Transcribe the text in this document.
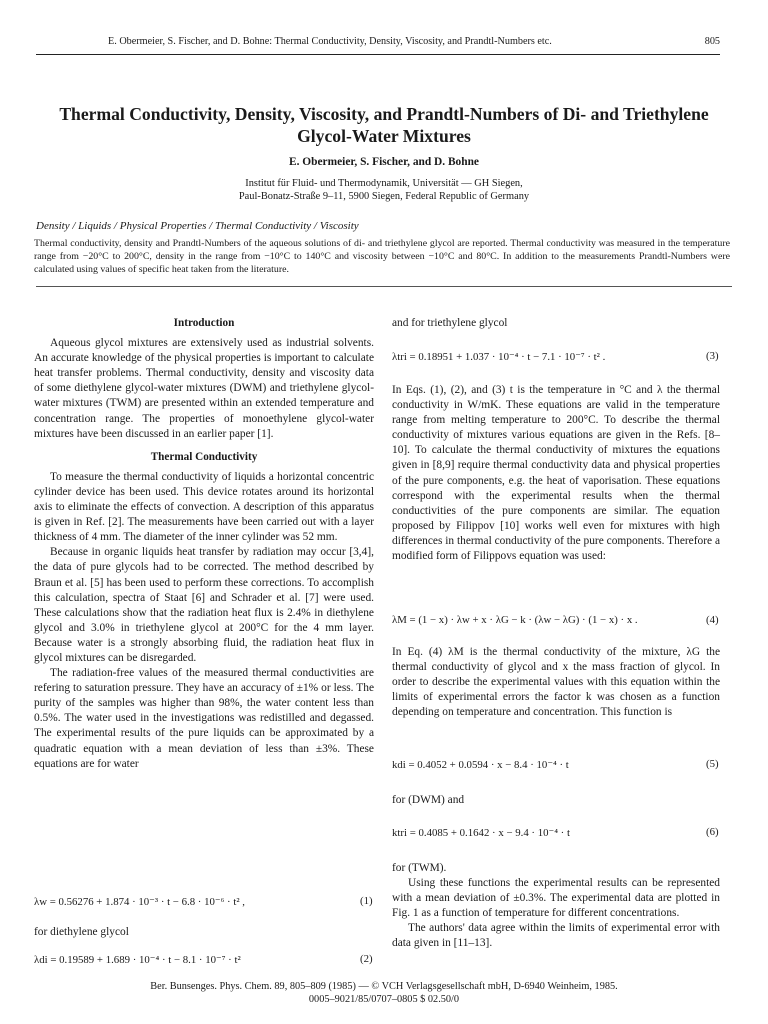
E. Obermeier, S. Fischer, and D. Bohne: Thermal Conductivity, Density, Viscosity, and Prandtl-Numbers etc.	805
Thermal Conductivity, Density, Viscosity, and Prandtl-Numbers of Di- and Triethylene Glycol-Water Mixtures
E. Obermeier, S. Fischer, and D. Bohne
Institut für Fluid- und Thermodynamik, Universität — GH Siegen,
Paul-Bonatz-Straße 9–11, 5900 Siegen, Federal Republic of Germany
Density / Liquids / Physical Properties / Thermal Conductivity / Viscosity
Thermal conductivity, density and Prandtl-Numbers of the aqueous solutions of di- and triethylene glycol are reported. Thermal conductivity was measured in the temperature range from −20°C to 200°C, density in the range from −10°C to 140°C and viscosity between −10°C and 80°C. In addition to the measurements Prandtl-Numbers were calculated using values of specific heat taken from the literature.
Introduction

Aqueous glycol mixtures are extensively used as industrial solvents. An accurate knowledge of the physical properties is important to calculate heat transfer problems. Thermal conductivity, density and viscosity data of some diethylene glycol-water mixtures (DWM) and triethylene glycol-water mixtures (TWM) are presented within an extended temperature and concentration range. The properties of monoethylene glycol-water mixtures have been discussed in an earlier paper [1].

Thermal Conductivity

To measure the thermal conductivity of liquids a horizontal concentric cylinder device has been used. This device rotates around its horizontal axis to eliminate the effects of convection. A description of this apparatus is given in Ref. [2]. The measurements have been carried out with a layer thickness of 4 mm. The diameter of the inner cylinder was 52 mm.

Because in organic liquids heat transfer by radiation may occur [3,4], the data of pure glycols had to be corrected. The method described by Braun et al. [5] has been used to perform these corrections. To accomplish this calculation, spectra of Staat [6] and Schrader et al. [7] were used. These calculations show that the radiation heat flux is 2.4% in diethylene glycol and 3.0% in triethylene glycol at 200°C for the 4 mm layer. Because water is a strongly absorbing fluid, the radiation heat flux in glycol mixtures can be disregarded.

The radiation-free values of the measured thermal conductivities are refering to saturation pressure. They have an accuracy of ±1% or less. The purity of the samples was higher than 98%, the water content less than 0.5%. The water used in the investigations was redistilled and degassed. The experimental results of the pure liquids can be approximated by a quadratic equation with a mean deviation of less than ±3%. These equations are for water

λw = 0.56276 + 1.874 · 10⁻³ · t − 6.8 · 10⁻⁶ · t² ,	(1)
for diethylene glycol
λdi = 0.19589 + 1.689 · 10⁻⁴ · t − 8.1 · 10⁻⁷ · t²	(2)
and for triethylene glycol
λtri = 0.18951 + 1.037 · 10⁻⁴ · t − 7.1 · 10⁻⁷ · t² .	(3)

In Eqs. (1), (2), and (3) t is the temperature in °C and λ the thermal conductivity in W/mK. These equations are valid in the temperature range from melting temperature to 200°C. To describe the thermal conductivity of mixtures various equations are given in the Refs. [8–10]. To calculate the thermal conductivity of mixtures the equations given in [8,9] require thermal conductivity data and physical properties of the pure components, e.g. the heat of vaporisation. These equations correspond with the experimental results when the thermal conductivities of the pure components are similar. The equation proposed by Filippov [10] works well even for mixtures with high differences in thermal conductivity of the pure components. Therefore a modified form of Filippovs equation was used:

λM = (1 − x) · λw + x · λG − k · (λw − λG) · (1 − x) · x .	(4)

In Eq. (4) λM is the thermal conductivity of the mixture, λG the thermal conductivity of glycol and x the mass fraction of glycol. In order to describe the experimental values with this equation within the limits of experimental errors the factor k was chosen as a function depending on temperature and concentration. This function is

kdi = 0.4052 + 0.0594 · x − 8.4 · 10⁻⁴ · t	(5)
for (DWM) and
ktri = 0.4085 + 0.1642 · x − 9.4 · 10⁻⁴ · t	(6)

for (TWM).

Using these functions the experimental results can be represented with a mean deviation of ±0.3%. The experimental data are plotted in Fig. 1 as a function of temperature for different concentrations.

The authors' data agree within the limits of experimental error with data given in [11–13].

Ber. Bunsenges. Phys. Chem. 89, 805–809 (1985) — © VCH Verlagsgesellschaft mbH, D-6940 Weinheim, 1985.
0005–9021/85/0707–0805 $ 02.50/0
